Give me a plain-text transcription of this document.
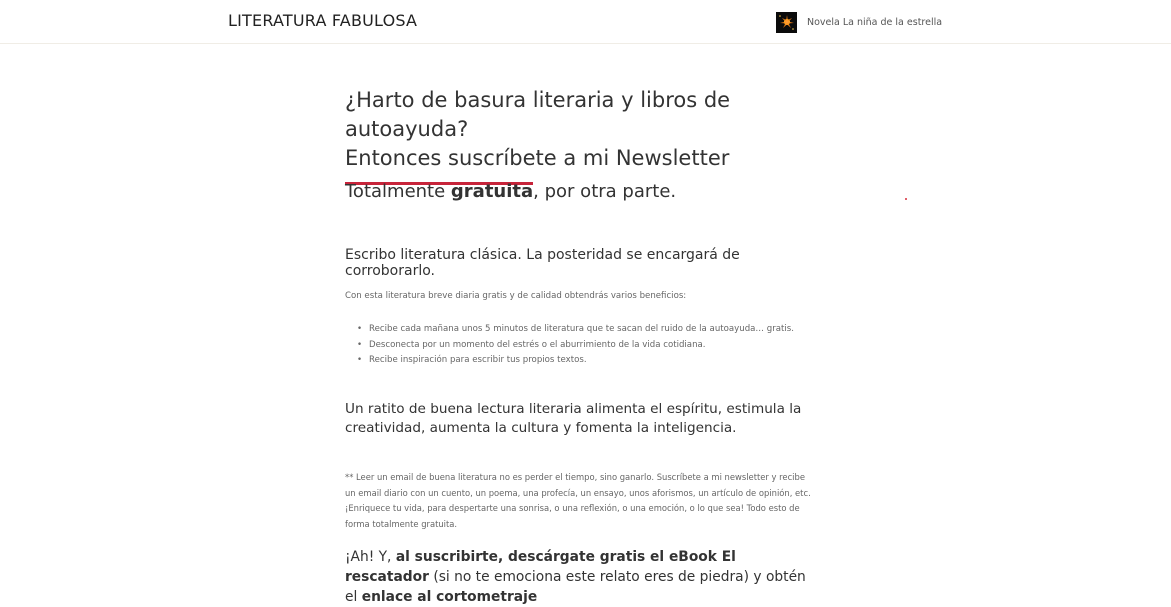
LITERATURA FABULOSA	Novela La niña de la estrella
¿Harto de basura literaria y libros de autoayuda?
Entonces suscríbete a mi Newsletter
Totalmente gratuita, por otra parte.

Escribo literatura clásica. La posteridad se encargará de corroborarlo.

Con esta literatura breve diaria gratis y de calidad obtendrás varios beneficios:

• Recibe cada mañana unos 5 minutos de literatura que te sacan del ruido de la autoayuda… gratis.
• Desconecta por un momento del estrés o el aburrimiento de la vida cotidiana.
• Recibe inspiración para escribir tus propios textos.

Un ratito de buena lectura literaria alimenta el espíritu, estimula la creatividad, aumenta la cultura y fomenta la inteligencia.

** Leer un email de buena literatura no es perder el tiempo, sino ganarlo. Suscríbete a mi newsletter y recibe un email diario con un cuento, un poema, una profecía, un ensayo, unos aforismos, un artículo de opinión, etc. ¡Enriquece tu vida, para despertarte una sonrisa, o una reflexión, o una emoción, o lo que sea! Todo esto de forma totalmente gratuita.

¡Ah! Y, al suscribirte, descárgate gratis el eBook El rescatador (si no te emociona este relato eres de piedra) y obtén el enlace al cortometraje
